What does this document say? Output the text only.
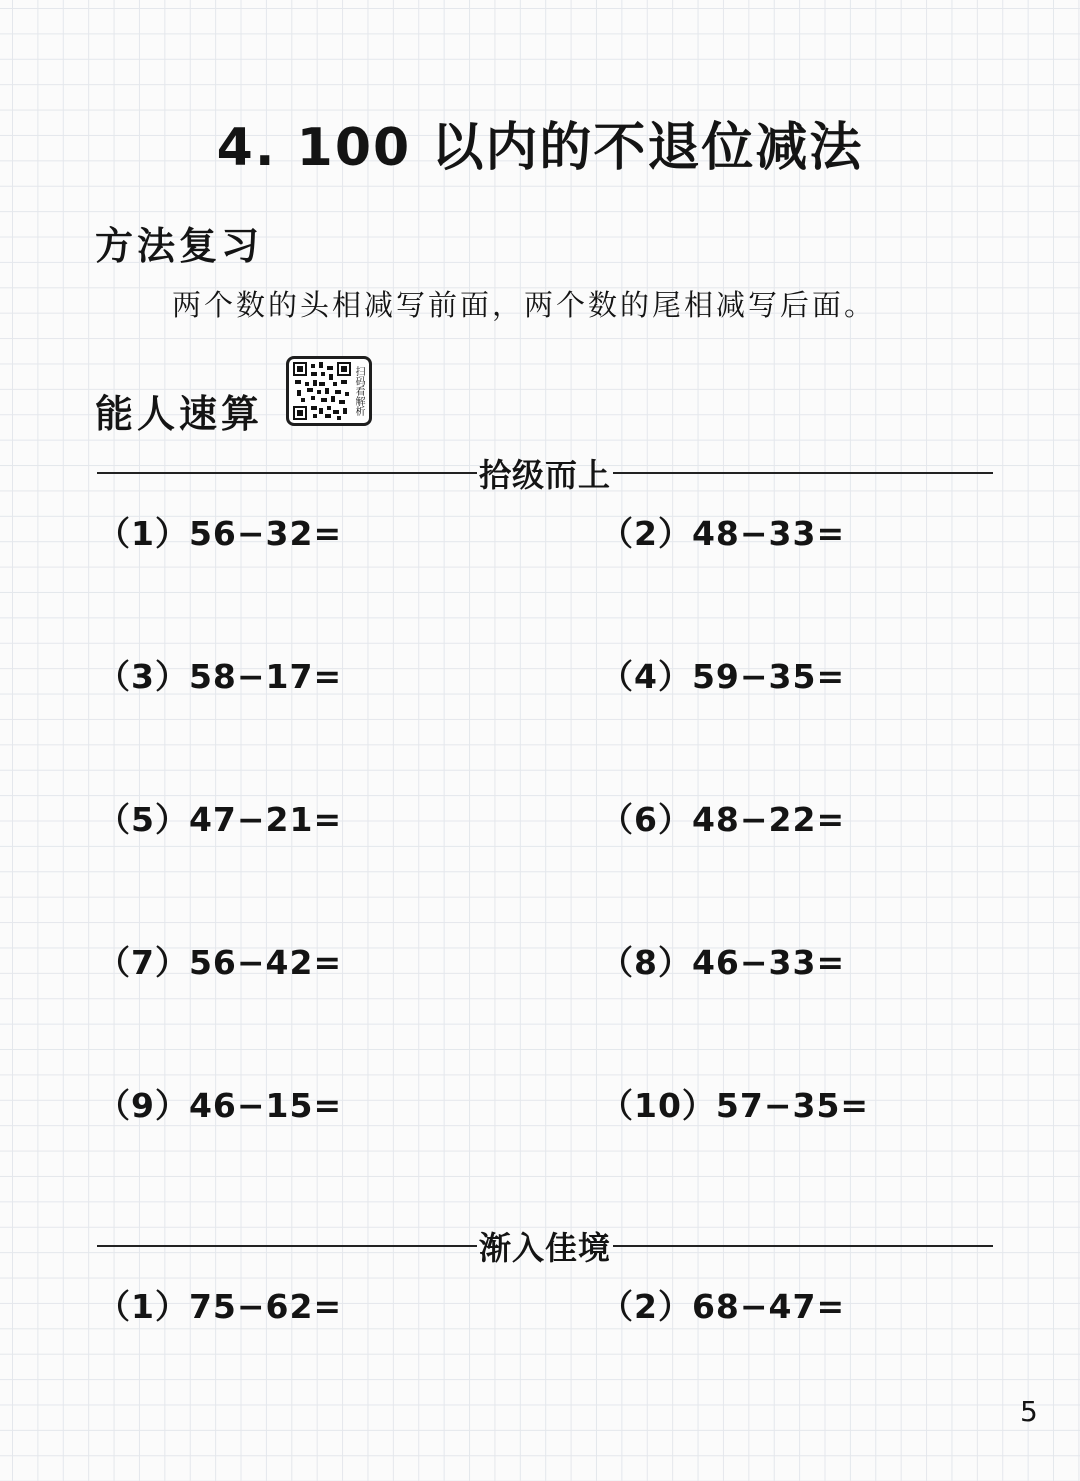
4. 100 以内的不退位减法
方法复习
两个数的头相减写前面，两个数的尾相减写后面。
能人速算	扫码看解析
拾级而上
（1）56−32=	（2）48−33=
（3）58−17=	（4）59−35=
（5）47−21=	（6）48−22=
（7）56−42=	（8）46−33=
（9）46−15=	（10）57−35=
渐入佳境
（1）75−62=	（2）68−47=
5
